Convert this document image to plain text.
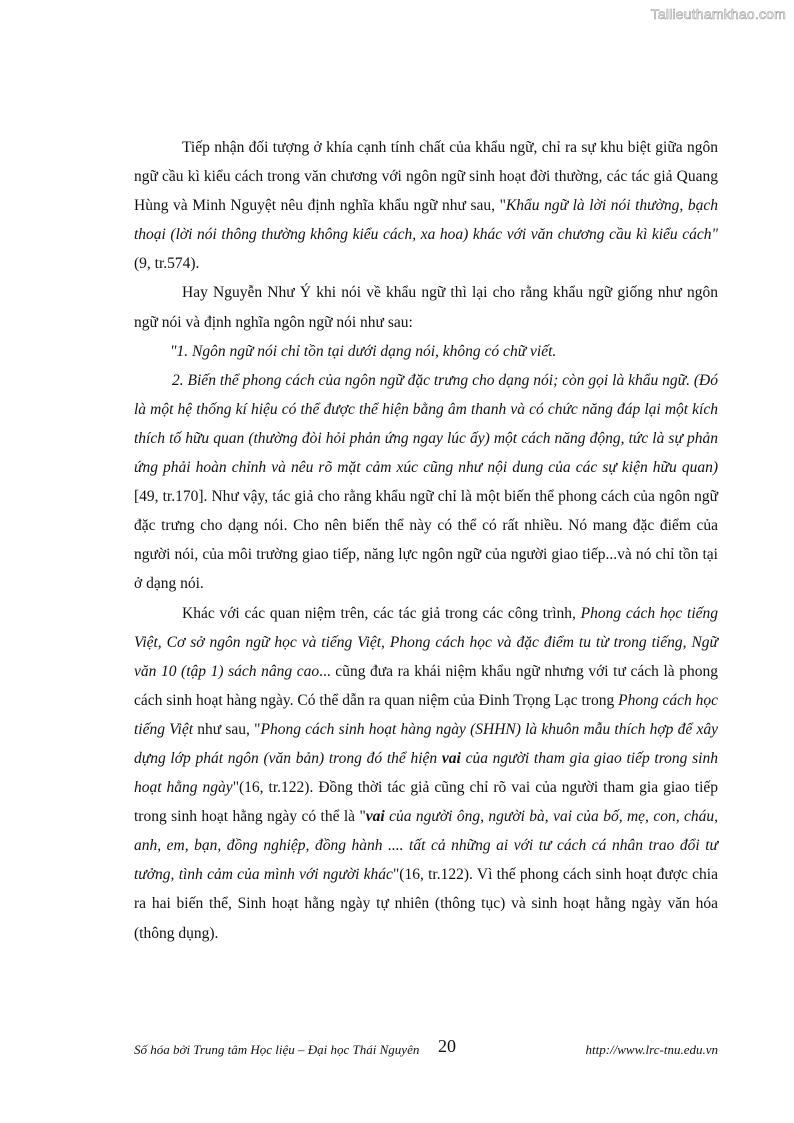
Tailieuthamkhao.com

Tiếp nhận đối tượng ở khía cạnh tính chất của khẩu ngữ, chỉ ra sự khu biệt giữa ngôn ngữ cầu kì kiểu cách trong văn chương với ngôn ngữ sinh hoạt đời thường, các tác giả Quang Hùng và Minh Nguyệt nêu định nghĩa khẩu ngữ như sau, "Khẩu ngữ là lời nói thường, bạch thoại (lời nói thông thường không kiểu cách, xa hoa) khác với văn chương cầu kì kiểu cách" (9, tr.574).

Hay Nguyễn Như Ý khi nói về khẩu ngữ thì lại cho rằng khẩu ngữ giống như ngôn ngữ nói và định nghĩa ngôn ngữ nói như sau:

"1. Ngôn ngữ nói chỉ tồn tại dưới dạng nói, không có chữ viết.

2. Biến thể phong cách của ngôn ngữ đặc trưng cho dạng nói; còn gọi là khẩu ngữ. (Đó là một hệ thống kí hiệu có thể được thể hiện bằng âm thanh và có chức năng đáp lại một kích thích tố hữu quan (thường đòi hỏi phản ứng ngay lúc ấy) một cách năng động, tức là sự phản ứng phải hoàn chỉnh và nêu rõ mặt cảm xúc cũng như nội dung của các sự kiện hữu quan)[49, tr.170]. Như vậy, tác giả cho rằng khẩu ngữ chỉ là một biến thể phong cách của ngôn ngữ đặc trưng cho dạng nói. Cho nên biến thể này có thể có rất nhiều. Nó mang đặc điểm của người nói, của môi trường giao tiếp, năng lực ngôn ngữ của người giao tiếp...và nó chỉ tồn tại ở dạng nói.

Khác với các quan niệm trên, các tác giả trong các công trình, Phong cách học tiếng Việt, Cơ sở ngôn ngữ học và tiếng Việt, Phong cách học và đặc điểm tu từ trong tiếng, Ngữ văn 10 (tập 1) sách nâng cao... cũng đưa ra khái niệm khẩu ngữ nhưng với tư cách là phong cách sinh hoạt hàng ngày. Có thể dẫn ra quan niệm của Đinh Trọng Lạc trong Phong cách học tiếng Việt như sau, "Phong cách sinh hoạt hàng ngày (SHHN) là khuôn mẫu thích hợp để xây dựng lớp phát ngôn (văn bản) trong đó thể hiện vai của người tham gia giao tiếp trong sinh hoạt hằng ngày"(16, tr.122). Đồng thời tác giả cũng chỉ rõ vai của người tham gia giao tiếp trong sinh hoạt hằng ngày có thể là "vai của người ông, người bà, vai của bố, mẹ, con, cháu, anh, em, bạn, đồng nghiệp, đồng hành .... tất cả những ai với tư cách cá nhân trao đổi tư tưởng, tình cảm của mình với người khác"(16, tr.122). Vì thế phong cách sinh hoạt được chia ra hai biến thể, Sinh hoạt hằng ngày tự nhiên (thông tục) và sinh hoạt hằng ngày văn hóa (thông dụng).

Số hóa bởi Trung tâm Học liệu – Đại học Thái Nguyên 20	http://www.lrc-tnu.edu.vn
